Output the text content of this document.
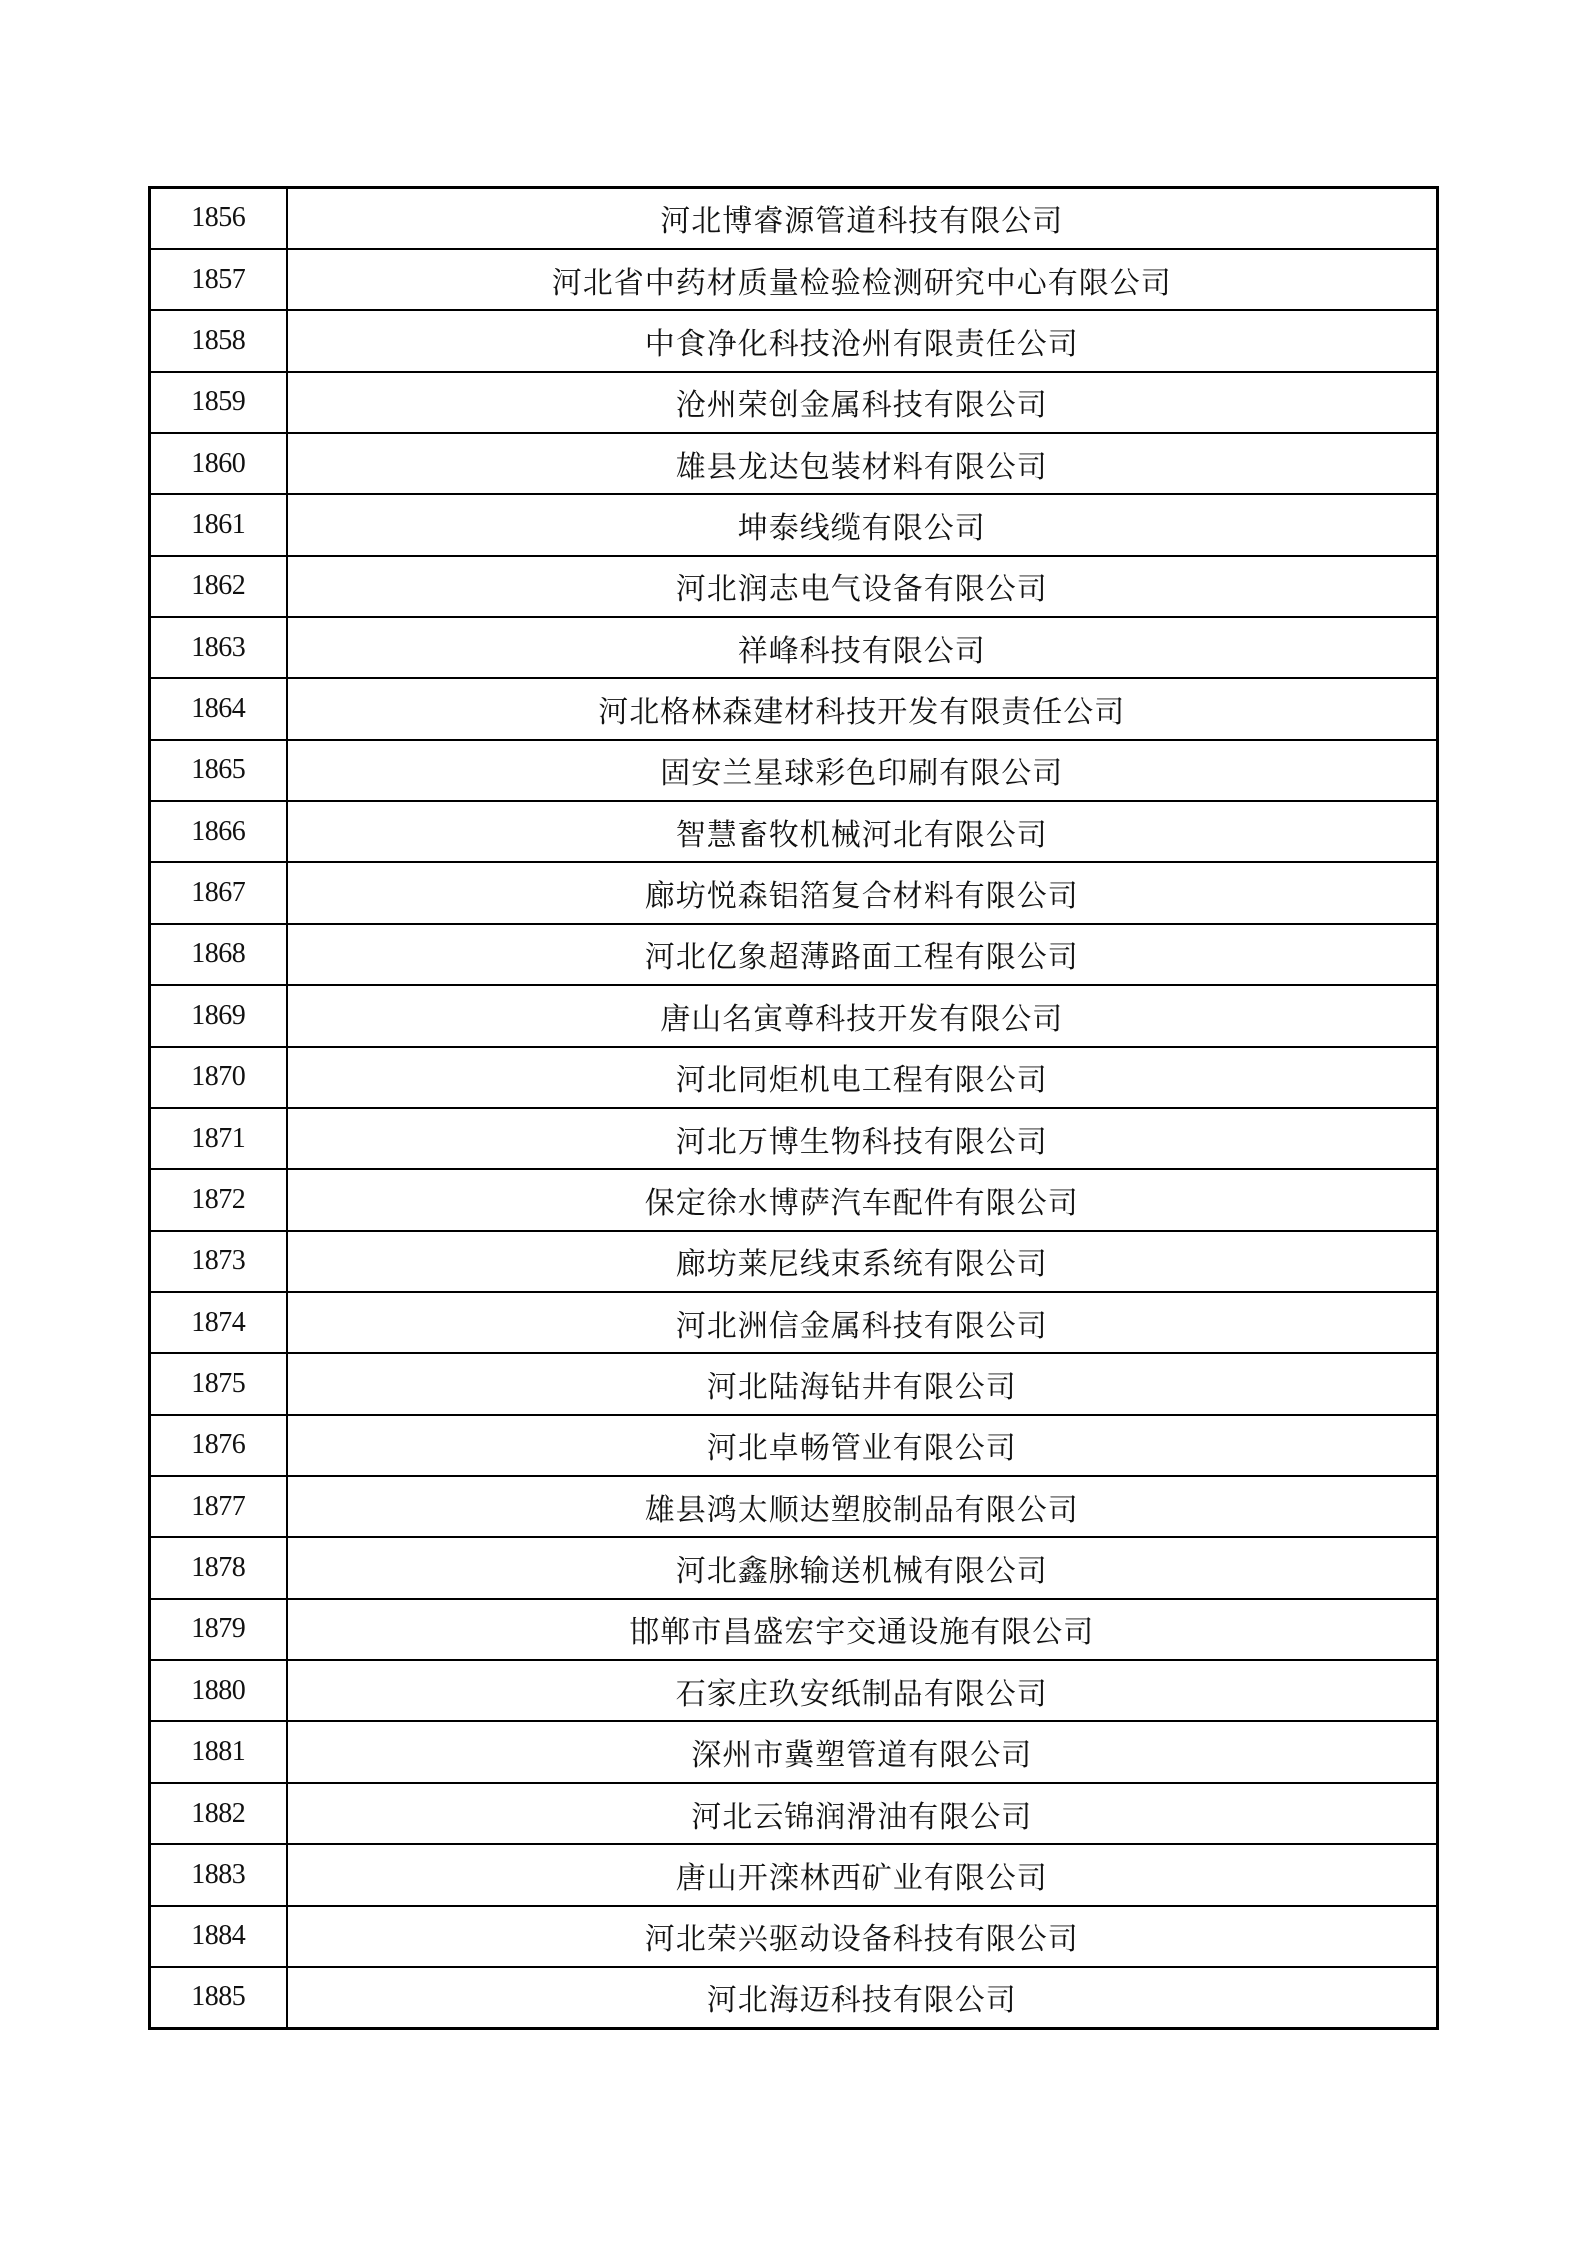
1856	河北博睿源管道科技有限公司
1857	河北省中药材质量检验检测研究中心有限公司
1858	中食净化科技沧州有限责任公司
1859	沧州荣创金属科技有限公司
1860	雄县龙达包装材料有限公司
1861	坤泰线缆有限公司
1862	河北润志电气设备有限公司
1863	祥峰科技有限公司
1864	河北格林森建材科技开发有限责任公司
1865	固安兰星球彩色印刷有限公司
1866	智慧畜牧机械河北有限公司
1867	廊坊悦森铝箔复合材料有限公司
1868	河北亿象超薄路面工程有限公司
1869	唐山名寅尊科技开发有限公司
1870	河北同炬机电工程有限公司
1871	河北万博生物科技有限公司
1872	保定徐水博萨汽车配件有限公司
1873	廊坊莱尼线束系统有限公司
1874	河北洲信金属科技有限公司
1875	河北陆海钻井有限公司
1876	河北卓畅管业有限公司
1877	雄县鸿太顺达塑胶制品有限公司
1878	河北鑫脉输送机械有限公司
1879	邯郸市昌盛宏宇交通设施有限公司
1880	石家庄玖安纸制品有限公司
1881	深州市冀塑管道有限公司
1882	河北云锦润滑油有限公司
1883	唐山开滦林西矿业有限公司
1884	河北荣兴驱动设备科技有限公司
1885	河北海迈科技有限公司
